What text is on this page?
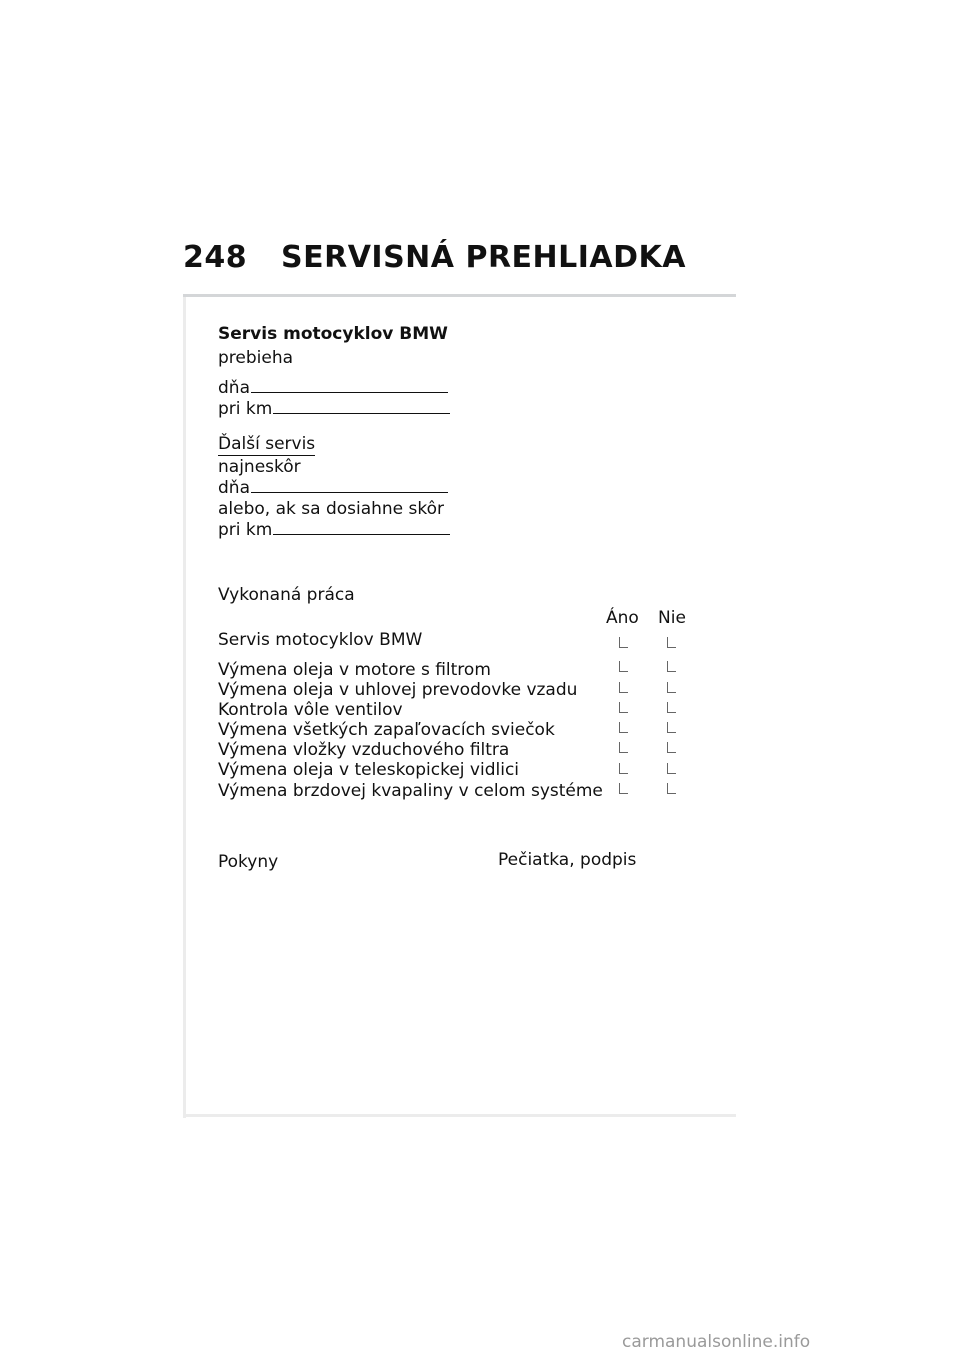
248 SERVISNÁ PREHLIADKA
Servis motocyklov BMW
prebieha
dňa
pri km
Ďalší servis
najneskôr
dňa
alebo, ak sa dosiahne skôr
pri km
Vykonaná práca
Áno Nie
Servis motocyklov BMW
Výmena oleja v motore s filtrom
Výmena oleja v uhlovej prevodovke vzadu
Kontrola vôle ventilov
Výmena všetkých zapaľovacích sviečok
Výmena vložky vzduchového filtra
Výmena oleja v teleskopickej vidlici
Výmena brzdovej kvapaliny v celom systéme
Pokyny	Pečiatka, podpis
carmanualsonline.info
